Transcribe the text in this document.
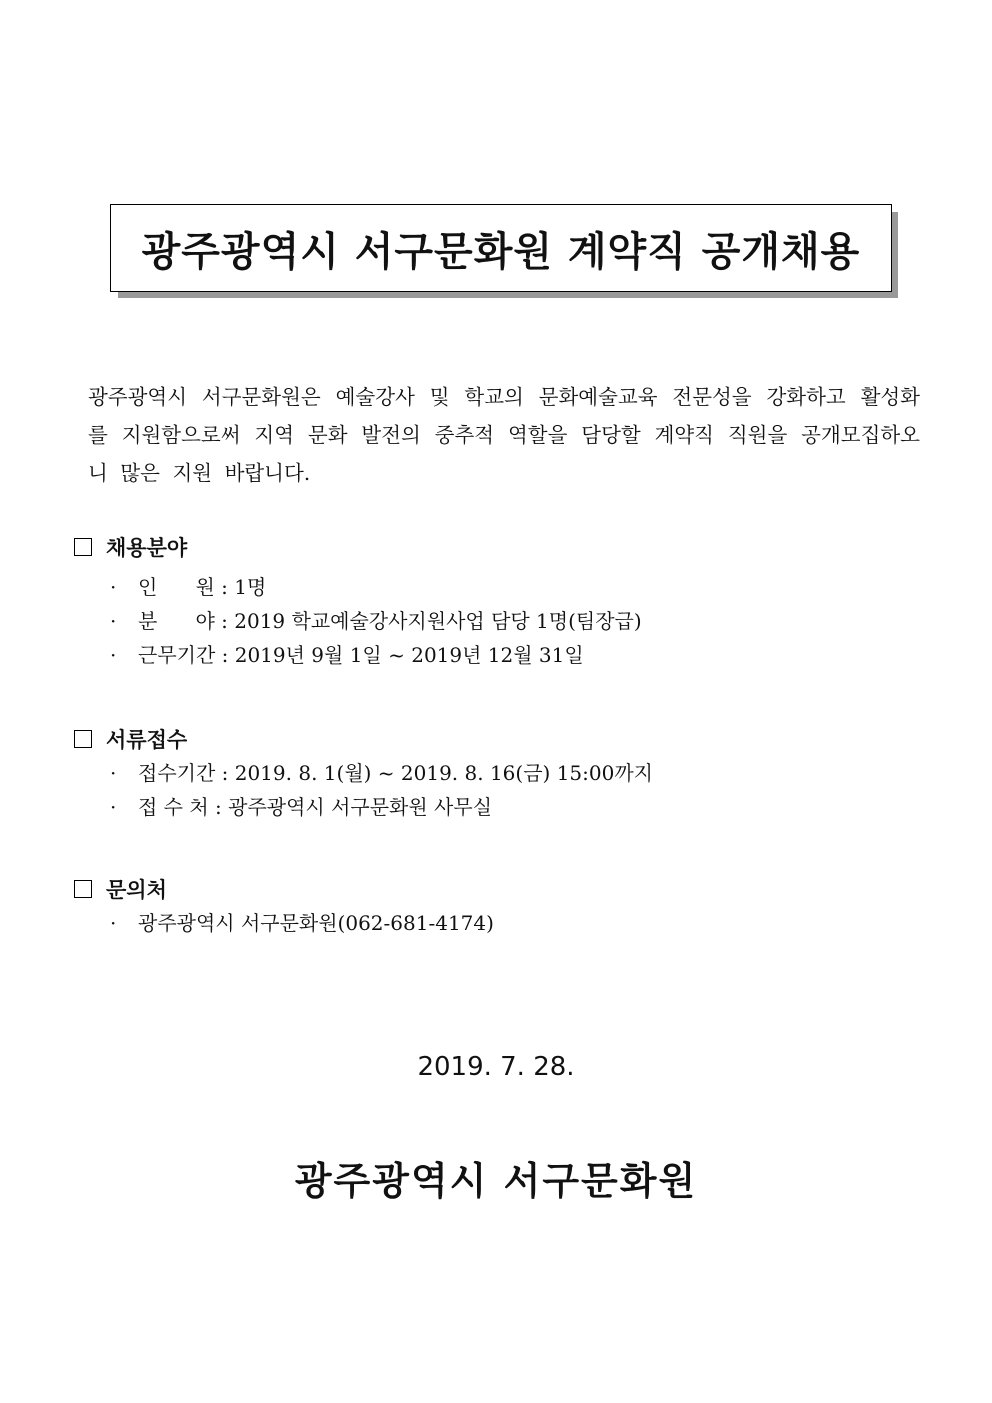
광주광역시 서구문화원 계약직 공개채용
광주광역시 서구문화원은 예술강사 및 학교의 문화예술교육 전문성을 강화하고 활성화를 지원함으로써 지역 문화 발전의 중추적 역할을 담당할 계약직 직원을 공개모집하오니 많은 지원 바랍니다.
채용분야
· 인      원 : 1명
· 분      야 : 2019 학교예술강사지원사업 담당 1명(팀장급)
· 근무기간 : 2019년 9월 1일 ~ 2019년 12월 31일
서류접수
· 접수기간 : 2019. 8. 1(월) ~ 2019. 8. 16(금) 15:00까지
· 접 수 처 : 광주광역시 서구문화원 사무실
문의처
· 광주광역시 서구문화원(062-681-4174)
2019. 7. 28.
광주광역시 서구문화원
